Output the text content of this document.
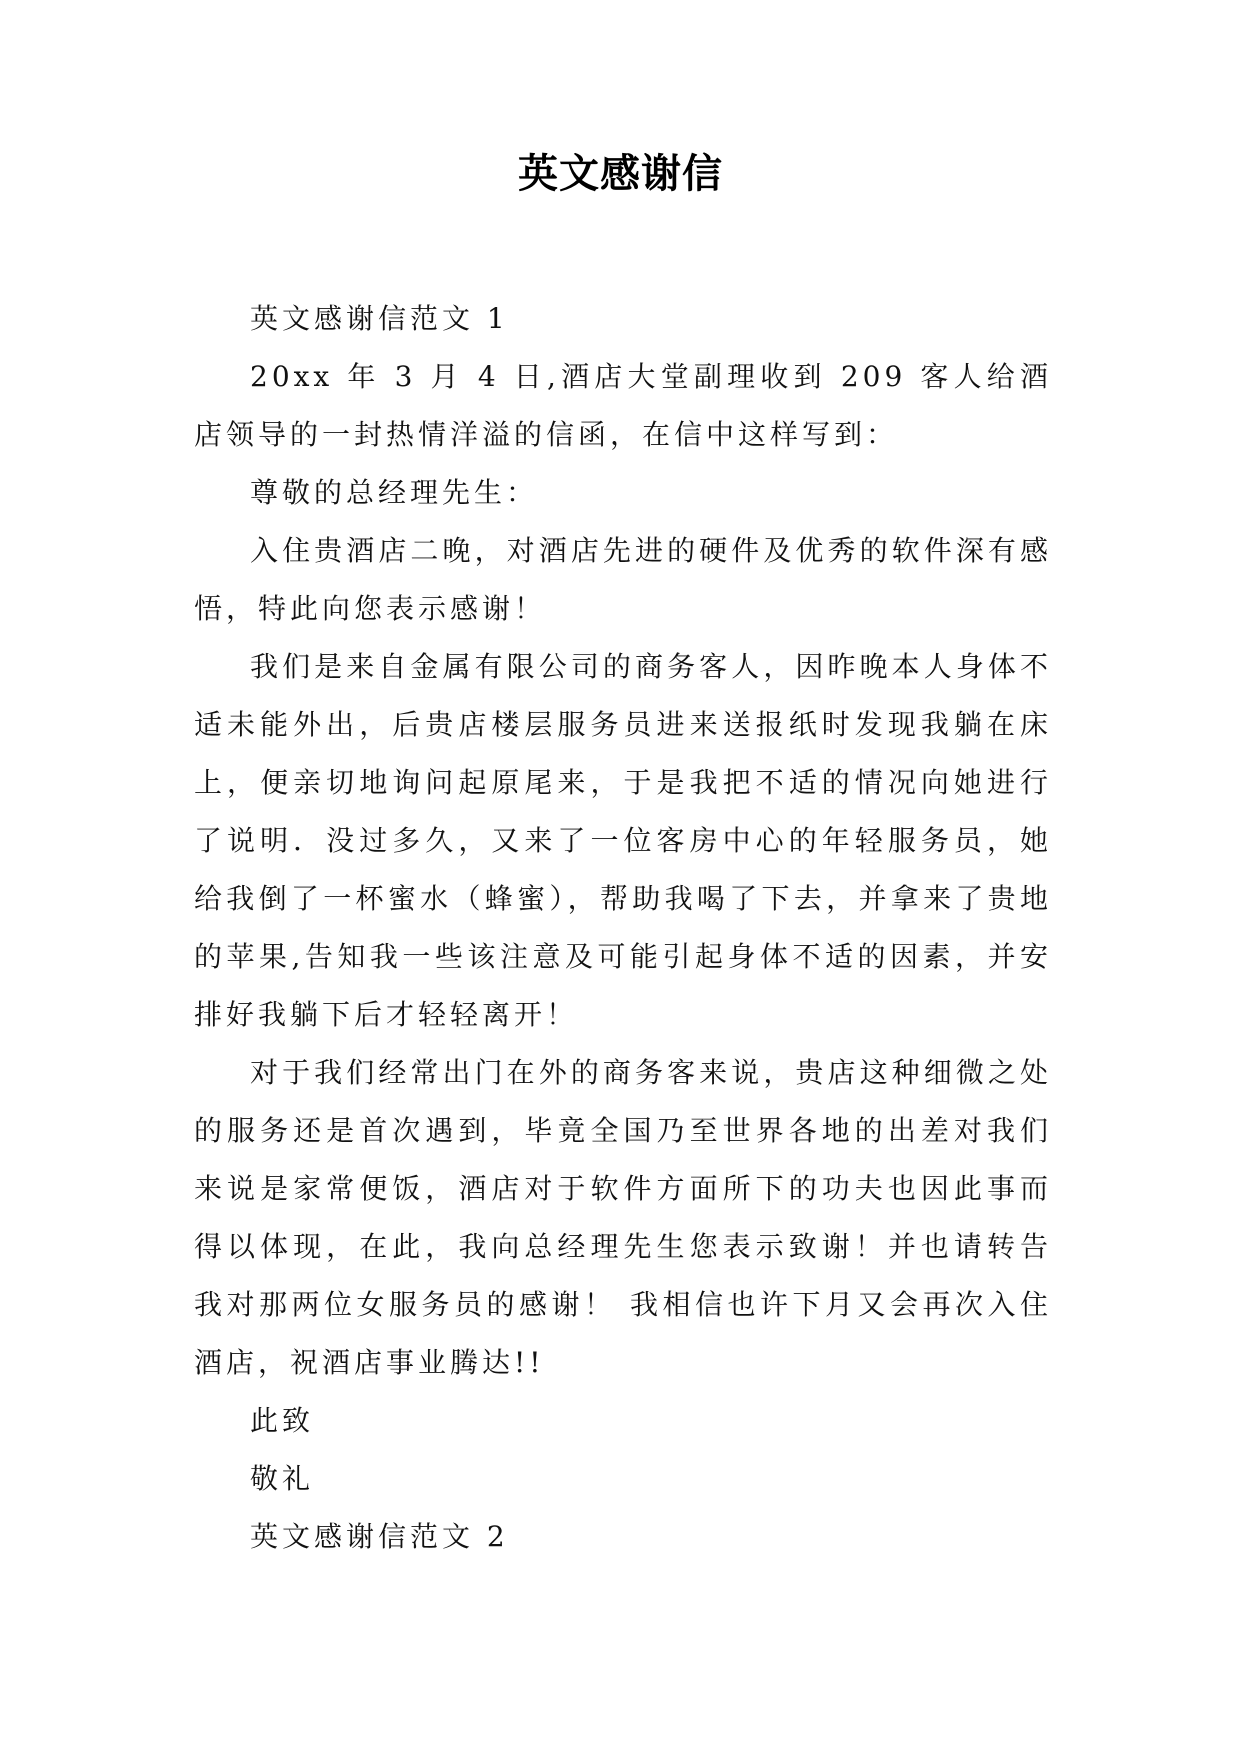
英文感谢信

英文感谢信范文 1

20xx 年 3 月 4 日,酒店大堂副理收到 209 客人给酒店领导的一封热情洋溢的信函，在信中这样写到：

尊敬的总经理先生：

入住贵酒店二晚，对酒店先进的硬件及优秀的软件深有感悟，特此向您表示感谢！

我们是来自金属有限公司的商务客人，因昨晚本人身体不适未能外出，后贵店楼层服务员进来送报纸时发现我躺在床上，便亲切地询问起原尾来，于是我把不适的情况向她进行了说明．没过多久，又来了一位客房中心的年轻服务员，她给我倒了一杯蜜水（蜂蜜），帮助我喝了下去，并拿来了贵地的苹果,告知我一些该注意及可能引起身体不适的因素，并安排好我躺下后才轻轻离开！

对于我们经常出门在外的商务客来说，贵店这种细微之处的服务还是首次遇到，毕竟全国乃至世界各地的出差对我们来说是家常便饭，酒店对于软件方面所下的功夫也因此事而得以体现，在此，我向总经理先生您表示致谢！并也请转告我对那两位女服务员的感谢！ 我相信也许下月又会再次入住酒店，祝酒店事业腾达!!

此致

敬礼

英文感谢信范文 2
